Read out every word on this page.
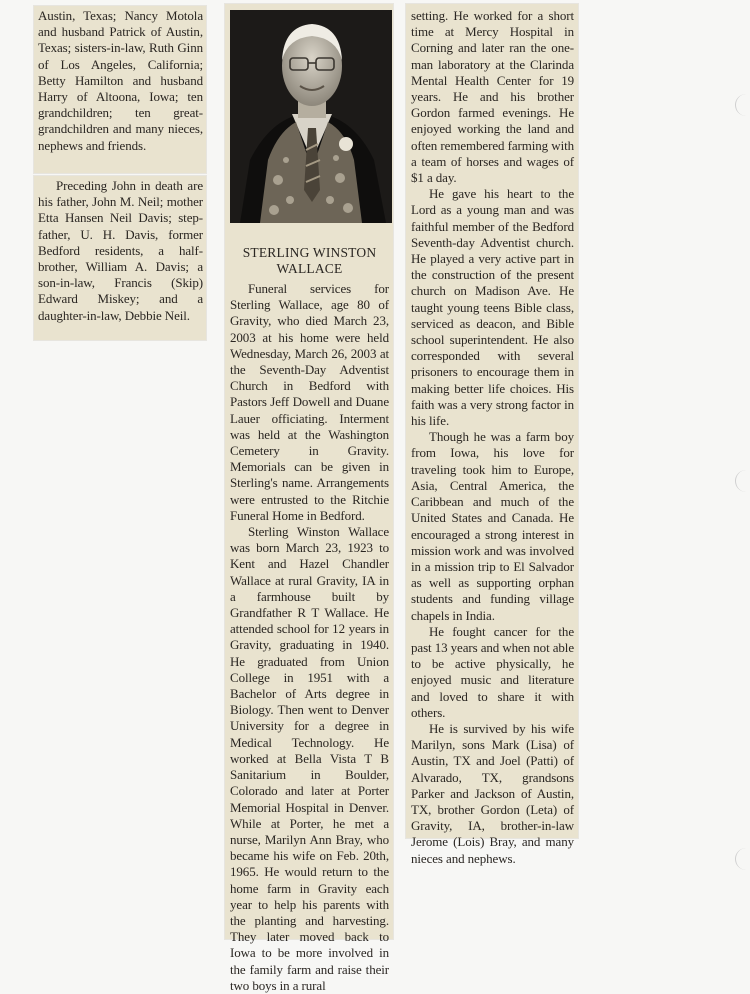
Austin, Texas; Nancy Motola and husband Patrick of Austin, Texas; sisters-in-law, Ruth Ginn of Los Angeles, California; Betty Hamilton and husband Harry of Altoona, Iowa; ten grandchildren; ten great-grandchildren and many nieces, nephews and friends.

Preceding John in death are his father, John M. Neil; mother Etta Hansen Neil Davis; step-father, U. H. Davis, former Bedford residents, a half-brother, William A. Davis; a son-in-law, Francis (Skip) Edward Miskey; and a daughter-in-law, Debbie Neil.

STERLING WINSTON
WALLACE

Funeral services for Sterling Wallace, age 80 of Gravity, who died March 23, 2003 at his home were held Wednesday, March 26, 2003 at the Seventh-Day Adventist Church in Bedford with Pastors Jeff Dowell and Duane Lauer officiating. Interment was held at the Washington Cemetery in Gravity. Memorials can be given in Sterling's name. Arrangements were entrusted to the Ritchie Funeral Home in Bedford.

Sterling Winston Wallace was born March 23, 1923 to Kent and Hazel Chandler Wallace at rural Gravity, IA in a farmhouse built by Grandfather R T Wallace. He attended school for 12 years in Gravity, graduating in 1940. He graduated from Union College in 1951 with a Bachelor of Arts degree in Biology. Then went to Denver University for a degree in Medical Technology. He worked at Bella Vista T B Sanitarium in Boulder, Colorado and later at Porter Memorial Hospital in Denver. While at Porter, he met a nurse, Marilyn Ann Bray, who became his wife on Feb. 20th, 1965. He would return to the home farm in Gravity each year to help his parents with the planting and harvesting. They later moved back to Iowa to be more involved in the family farm and raise their two boys in a rural

setting. He worked for a short time at Mercy Hospital in Corning and later ran the one-man laboratory at the Clarinda Mental Health Center for 19 years. He and his brother Gordon farmed evenings. He enjoyed working the land and often remembered farming with a team of horses and wages of $1 a day.

He gave his heart to the Lord as a young man and was faithful member of the Bedford Seventh-day Adventist church. He played a very active part in the construction of the present church on Madison Ave. He taught young teens Bible class, serviced as deacon, and Bible school superintendent. He also corresponded with several prisoners to encourage them in making better life choices. His faith was a very strong factor in his life.

Though he was a farm boy from Iowa, his love for traveling took him to Europe, Asia, Central America, the Caribbean and much of the United States and Canada. He encouraged a strong interest in mission work and was involved in a mission trip to El Salvador as well as supporting orphan students and funding village chapels in India.

He fought cancer for the past 13 years and when not able to be active physically, he enjoyed music and literature and loved to share it with others.

He is survived by his wife Marilyn, sons Mark (Lisa) of Austin, TX and Joel (Patti) of Alvarado, TX, grandsons Parker and Jackson of Austin, TX, brother Gordon (Leta) of Gravity, IA, brother-in-law Jerome (Lois) Bray, and many nieces and nephews.
